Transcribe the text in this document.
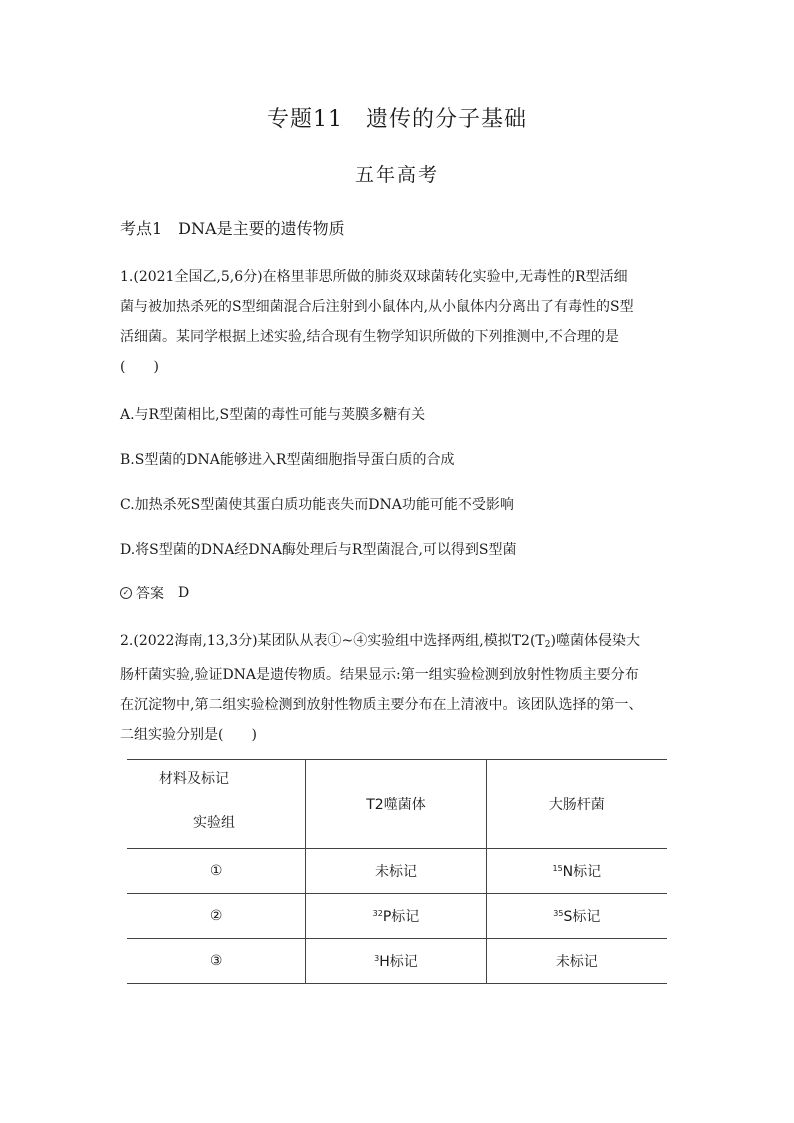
专题11　遗传的分子基础
五年高考
考点1　DNA是主要的遗传物质
1.(2021全国乙,5,6分)在格里菲思所做的肺炎双球菌转化实验中,无毒性的R型活细
菌与被加热杀死的S型细菌混合后注射到小鼠体内,从小鼠体内分离出了有毒性的S型
活细菌。某同学根据上述实验,结合现有生物学知识所做的下列推测中,不合理的是
(　　)
A.与R型菌相比,S型菌的毒性可能与荚膜多糖有关
B.S型菌的DNA能够进入R型菌细胞指导蛋白质的合成
C.加热杀死S型菌使其蛋白质功能丧失而DNA功能可能不受影响
D.将S型菌的DNA经DNA酶处理后与R型菌混合,可以得到S型菌
✓ 答案 D
2.(2022海南,13,3分)某团队从表①~④实验组中选择两组,模拟$T2(T_2)$噬菌体侵染大
肠杆菌实验,验证DNA是遗传物质。结果显示:第一组实验检测到放射性物质主要分布
在沉淀物中,第二组实验检测到放射性物质主要分布在上清液中。该团队选择的第一、
二组实验分别是(　　)
材料及标记
实验组	T2噬菌体	大肠杆菌
①	未标记	$^{15}$N标记
②	$^{32}$P标记	$^{35}$S标记
③	$^3$H标记	未标记
